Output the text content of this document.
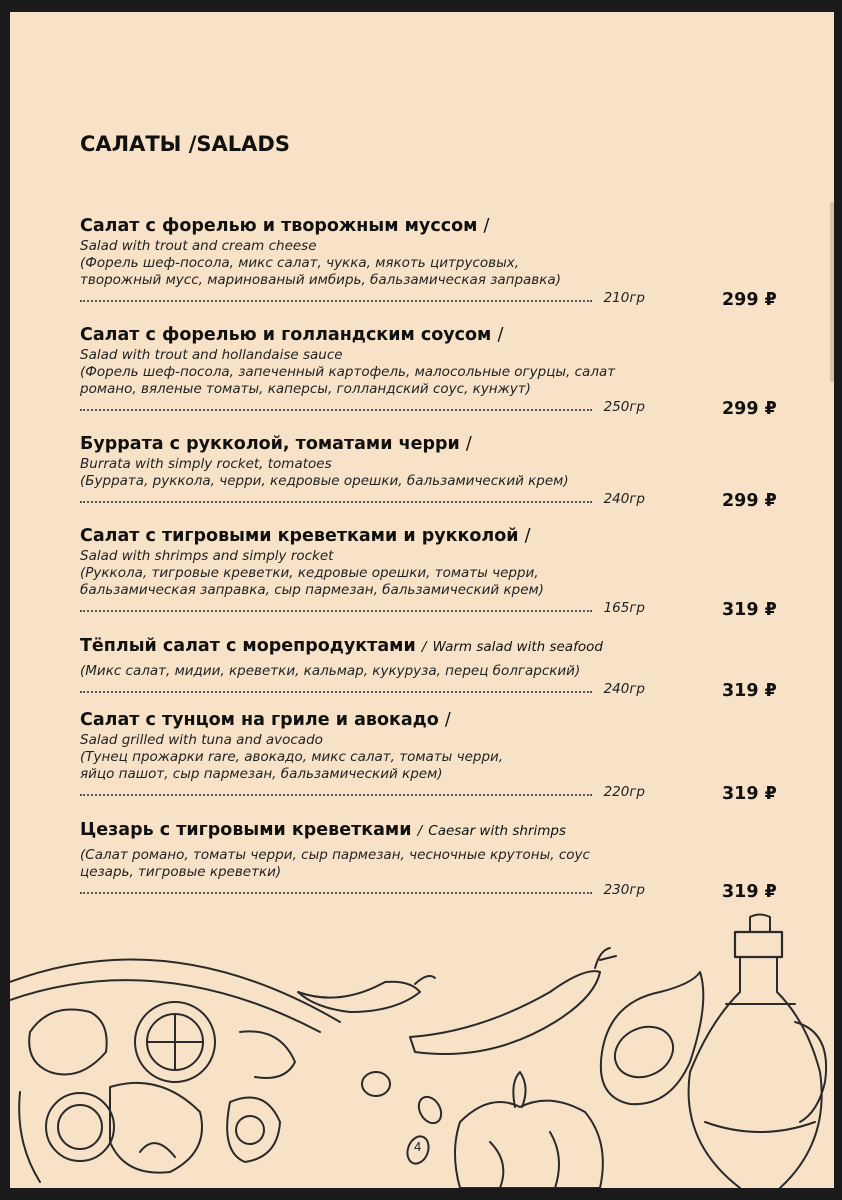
САЛАТЫ /SALADS
Салат с форелью и творожным муссом /
Salad with trout and cream cheese
(Форель шеф-посола, микс салат, чукка, мякоть цитрусовых,
творожный мусс, маринованый имбирь, бальзамическая заправка)
210гр	299 ₽
Салат с форелью и голландским соусом /
Salad with trout and hollandaise sauce
(Форель шеф-посола, запеченный картофель, малосольные огурцы, салат
романо, вяленые томаты, каперсы, голландский соус, кунжут)
250гр	299 ₽
Буррата с рукколой, томатами черри /
Burrata with simply rocket, tomatoes
(Буррата, руккола, черри, кедровые орешки, бальзамический крем)
240гр	299 ₽
Салат с тигровыми креветками и рукколой /
Salad with shrimps and simply rocket
(Руккола, тигровые креветки, кедровые орешки, томаты черри,
бальзамическая заправка, сыр пармезан, бальзамический крем)
165гр	319 ₽
Тёплый салат с морепродуктами / Warm salad with seafood
(Микс салат, мидии, креветки, кальмар, кукуруза, перец болгарский)
240гр	319 ₽
Салат с тунцом на гриле и авокадо /
Salad grilled with tuna and avocado
(Тунец прожарки rare, авокадо, микс салат, томаты черри,
яйцо пашот, сыр пармезан, бальзамический крем)
220гр	319 ₽
Цезарь с тигровыми креветками / Caesar with shrimps
(Салат романо, томаты черри, сыр пармезан, чесночные крутоны, соус
цезарь, тигровые креветки)
230гр	319 ₽
4
